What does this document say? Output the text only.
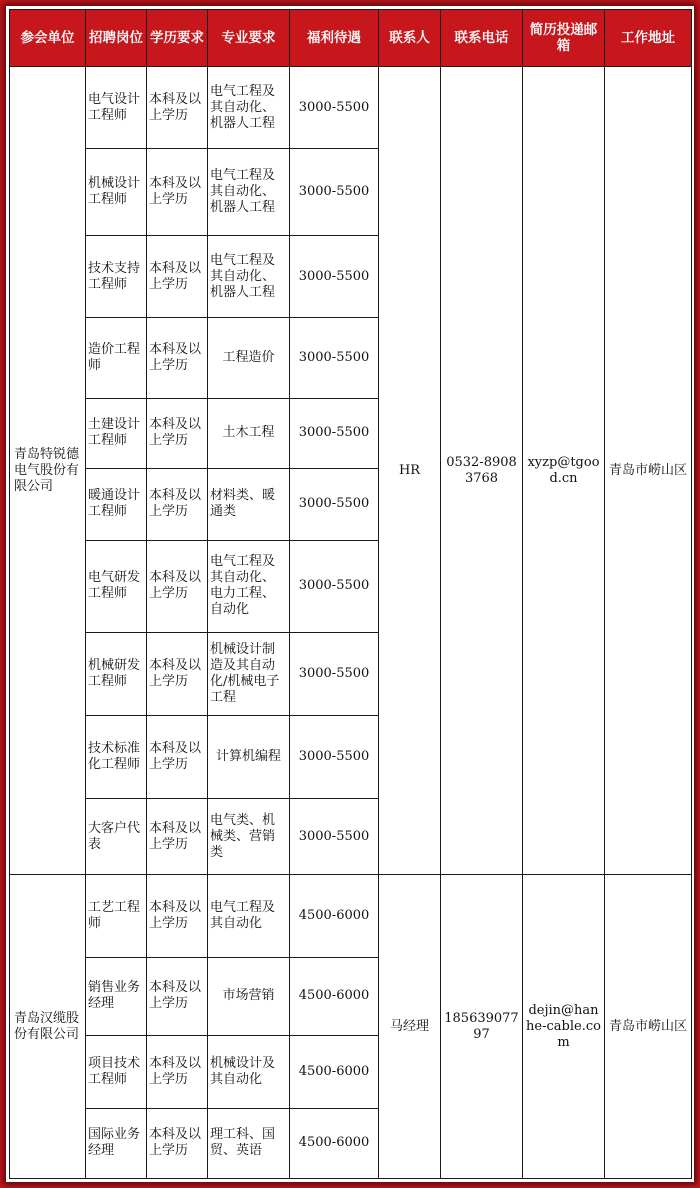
参会单位	招聘岗位	学历要求	专业要求	福利待遇	联系人	联系电话	简历投递邮箱	工作地址
青岛特锐德电气股份有限公司	电气设计工程师	本科及以上学历	电气工程及其自动化、机器人工程	3000-5500	HR	0532-89083768	xyzp@tgood.cn	青岛市崂山区
	机械设计工程师	本科及以上学历	电气工程及其自动化、机器人工程	3000-5500				
	技术支持工程师	本科及以上学历	电气工程及其自动化、机器人工程	3000-5500				
	造价工程师	本科及以上学历	工程造价	3000-5500				
	土建设计工程师	本科及以上学历	土木工程	3000-5500				
	暖通设计工程师	本科及以上学历	材料类、暖通类	3000-5500				
	电气研发工程师	本科及以上学历	电气工程及其自动化、电力工程、自动化	3000-5500				
	机械研发工程师	本科及以上学历	机械设计制造及其自动化/机械电子工程	3000-5500				
	技术标准化工程师	本科及以上学历	计算机编程	3000-5500				
	大客户代表	本科及以上学历	电气类、机械类、营销类	3000-5500				
青岛汉缆股份有限公司	工艺工程师	本科及以上学历	电气工程及其自动化	4500-6000	马经理	18563907797	dejin@hanhe-cable.com	青岛市崂山区
	销售业务经理	本科及以上学历	市场营销	4500-6000				
	项目技术工程师	本科及以上学历	机械设计及其自动化	4500-6000				
	国际业务经理	本科及以上学历	理工科、国贸、英语	4500-6000				
